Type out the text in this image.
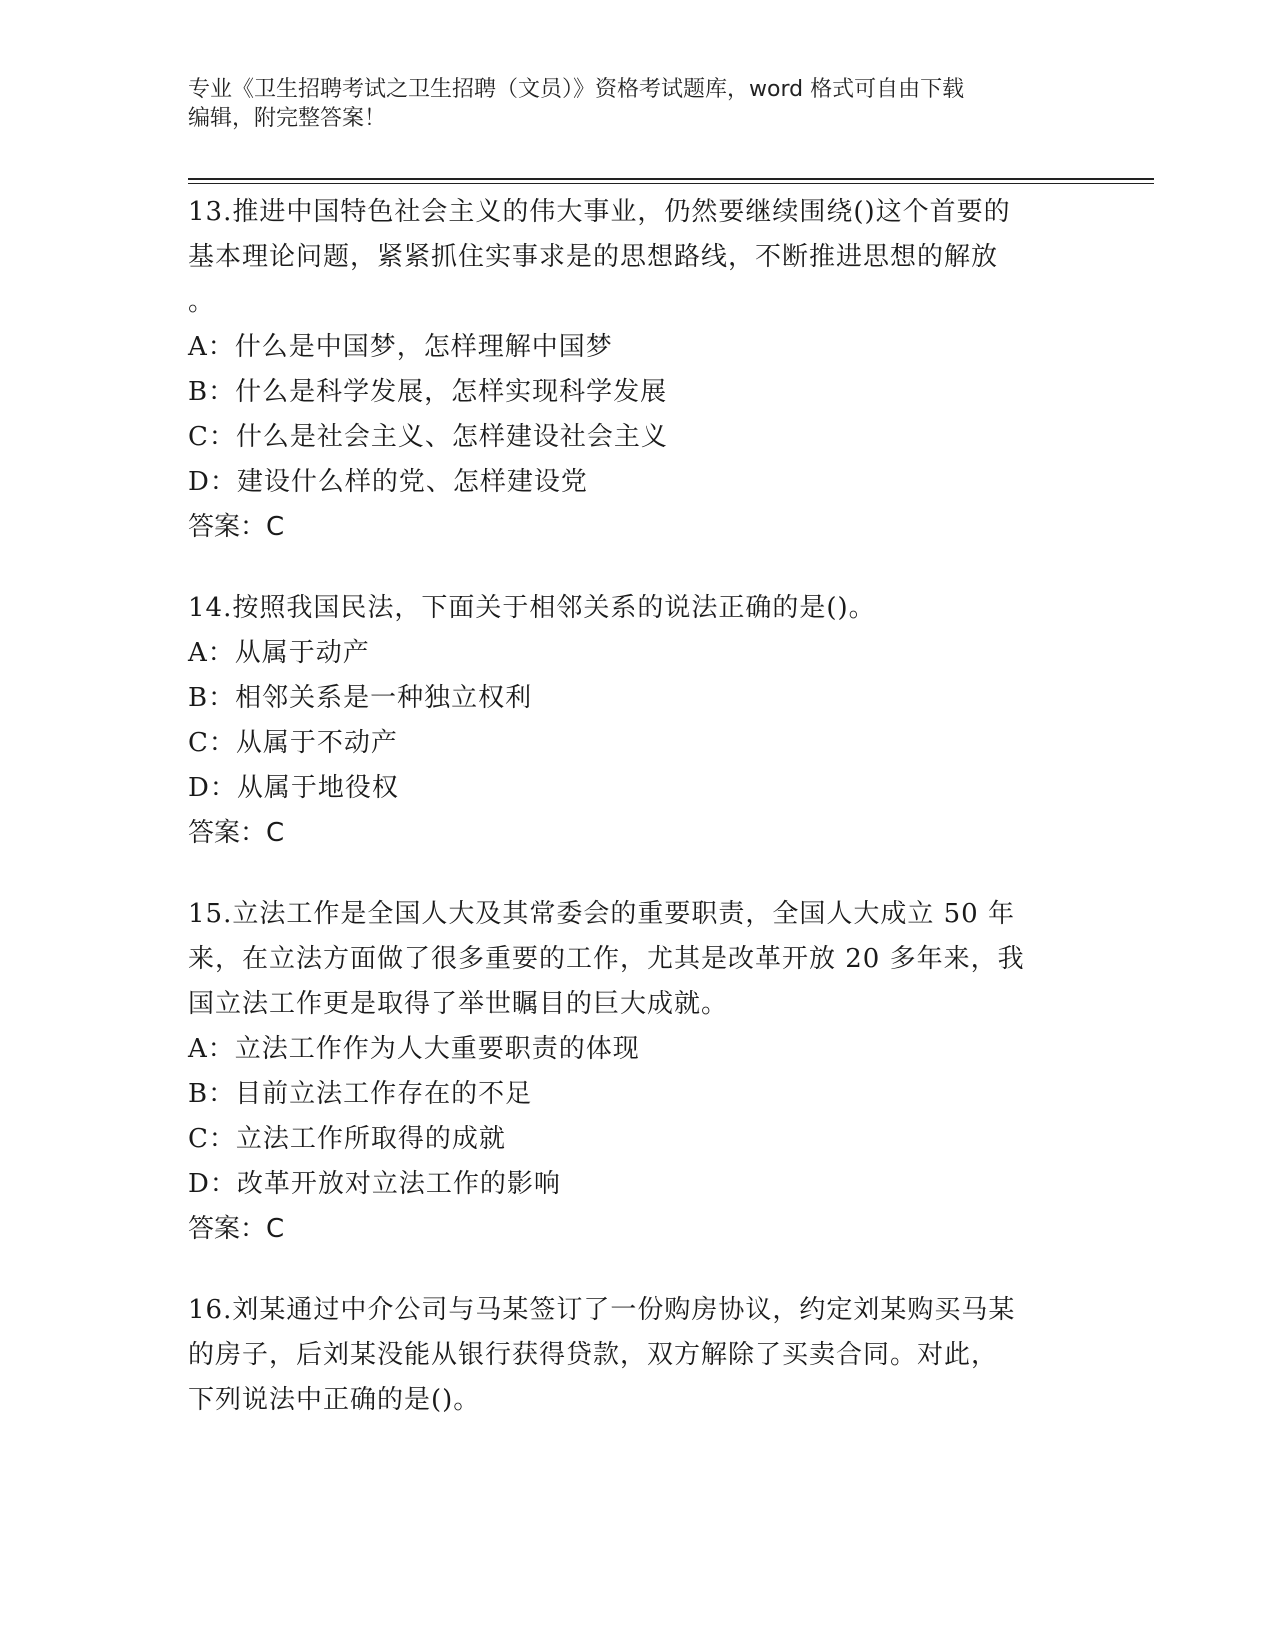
专业《卫生招聘考试之卫生招聘（文员）》资格考试题库，word 格式可自由下载
编辑，附完整答案！
13.推进中国特色社会主义的伟大事业，仍然要继续围绕()这个首要的
基本理论问题，紧紧抓住实事求是的思想路线，不断推进思想的解放
。
A：什么是中国梦，怎样理解中国梦
B：什么是科学发展，怎样实现科学发展
C：什么是社会主义、怎样建设社会主义
D：建设什么样的党、怎样建设党
答案：C
14.按照我国民法，下面关于相邻关系的说法正确的是()。
A：从属于动产
B：相邻关系是一种独立权利
C：从属于不动产
D：从属于地役权
答案：C
15.立法工作是全国人大及其常委会的重要职责，全国人大成立 50 年
来，在立法方面做了很多重要的工作，尤其是改革开放 20 多年来，我
国立法工作更是取得了举世瞩目的巨大成就。
A：立法工作作为人大重要职责的体现
B：目前立法工作存在的不足
C：立法工作所取得的成就
D：改革开放对立法工作的影响
答案：C
16.刘某通过中介公司与马某签订了一份购房协议，约定刘某购买马某
的房子，后刘某没能从银行获得贷款，双方解除了买卖合同。对此，
下列说法中正确的是()。
